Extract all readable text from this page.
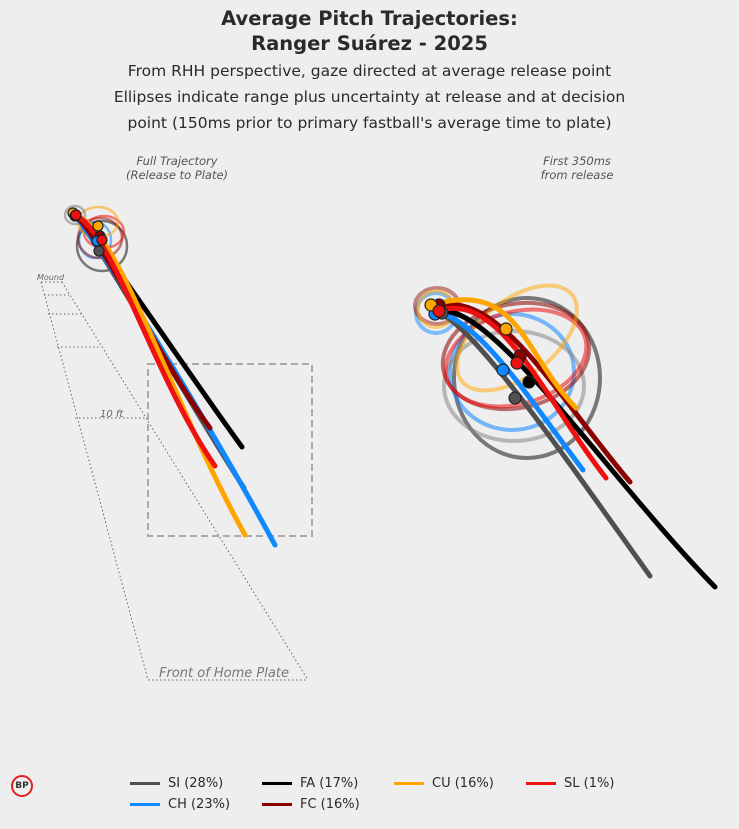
Average Pitch Trajectories:
Ranger Suárez - 2025
From RHH perspective, gaze directed at average release point
Ellipses indicate range plus uncertainty at release and at decision
point (150ms prior to primary fastball's average time to plate)
Full Trajectory
(Release to Plate)
First 350ms
from release
Mound
10 ft
Front of Home Plate
BP	SI (28%)	FA (17%)	CU (16%)	SL (1%)
CH (23%)	FC (16%)
